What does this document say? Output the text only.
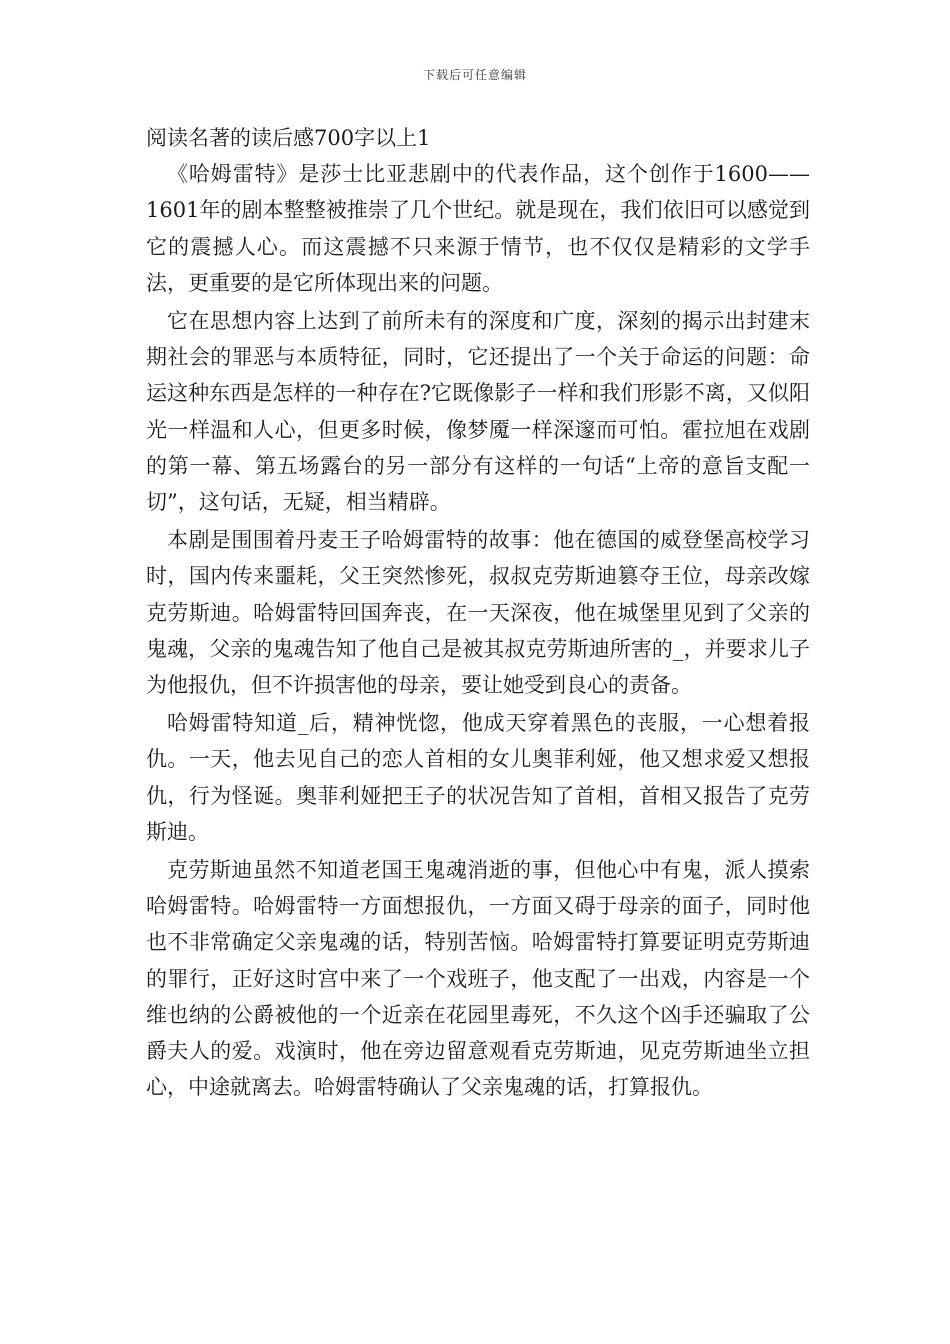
下载后可任意编辑
阅读名著的读后感700字以上1

《哈姆雷特》是莎士比亚悲剧中的代表作品，这个创作于1600——1601年的剧本整整被推崇了几个世纪。就是现在，我们依旧可以感觉到它的震撼人心。而这震撼不只来源于情节，也不仅仅是精彩的文学手法，更重要的是它所体现出来的问题。

它在思想内容上达到了前所未有的深度和广度，深刻的揭示出封建末期社会的罪恶与本质特征，同时，它还提出了一个关于命运的问题：命运这种东西是怎样的一种存在?它既像影子一样和我们形影不离，又似阳光一样温和人心，但更多时候，像梦魇一样深邃而可怕。霍拉旭在戏剧的第一幕、第五场露台的另一部分有这样的一句话“上帝的意旨支配一切”，这句话，无疑，相当精辟。

本剧是围围着丹麦王子哈姆雷特的故事：他在德国的威登堡高校学习时，国内传来噩耗，父王突然惨死，叔叔克劳斯迪篡夺王位，母亲改嫁克劳斯迪。哈姆雷特回国奔丧，在一天深夜，他在城堡里见到了父亲的鬼魂，父亲的鬼魂告知了他自己是被其叔克劳斯迪所害的_，并要求儿子为他报仇，但不许损害他的母亲，要让她受到良心的责备。

哈姆雷特知道_后，精神恍惚，他成天穿着黑色的丧服，一心想着报仇。一天，他去见自己的恋人首相的女儿奥菲利娅，他又想求爱又想报仇，行为怪诞。奥菲利娅把王子的状况告知了首相，首相又报告了克劳斯迪。

克劳斯迪虽然不知道老国王鬼魂消逝的事，但他心中有鬼，派人摸索哈姆雷特。哈姆雷特一方面想报仇，一方面又碍于母亲的面子，同时他也不非常确定父亲鬼魂的话，特别苦恼。哈姆雷特打算要证明克劳斯迪的罪行，正好这时宫中来了一个戏班子，他支配了一出戏，内容是一个维也纳的公爵被他的一个近亲在花园里毒死，不久这个凶手还骗取了公爵夫人的爱。戏演时，他在旁边留意观看克劳斯迪，见克劳斯迪坐立担心，中途就离去。哈姆雷特确认了父亲鬼魂的话，打算报仇。
